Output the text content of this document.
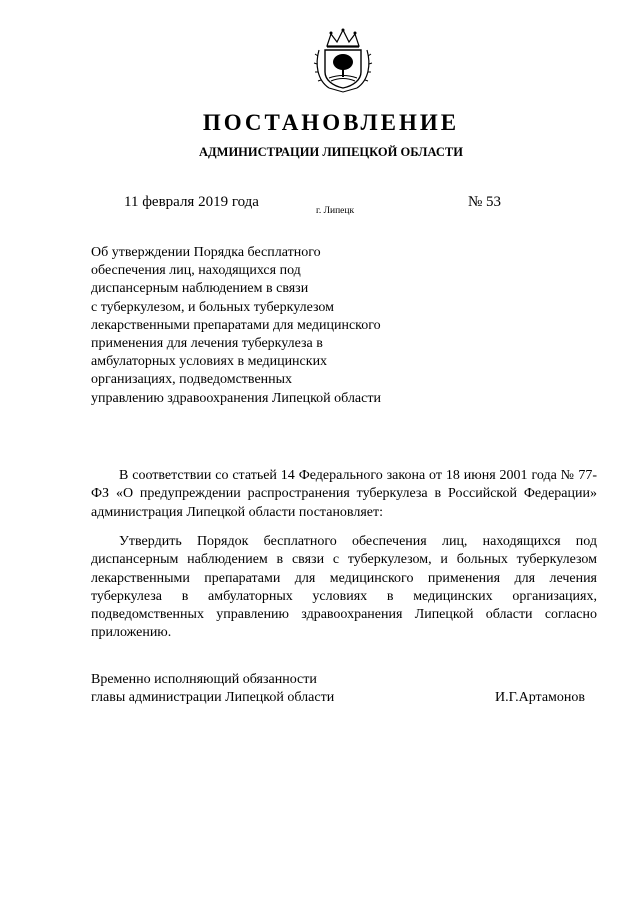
ПОСТАНОВЛЕНИЕ
АДМИНИСТРАЦИИ ЛИПЕЦКОЙ ОБЛАСТИ
11 февраля 2019 года
г. Липецк
№ 53
Об утверждении Порядка бесплатного
обеспечения лиц, находящихся под
диспансерным наблюдением в связи
с туберкулезом, и больных туберкулезом
лекарственными препаратами для медицинского
применения для лечения туберкулеза в
амбулаторных условиях в медицинских
организациях, подведомственных
управлению здравоохранения Липецкой области

В соответствии со статьей 14 Федерального закона от 18 июня 2001 года № 77-ФЗ «О предупреждении распространения туберкулеза в Российской Федерации» администрация Липецкой области постановляет:

Утвердить Порядок бесплатного обеспечения лиц, находящихся под диспансерным наблюдением в связи с туберкулезом, и больных туберкулезом лекарственными препаратами для медицинского применения для лечения туберкулеза в амбулаторных условиях в медицинских организациях, подведомственных управлению здравоохранения Липецкой области согласно приложению.

Временно исполняющий обязанности
главы администрации Липецкой области	И.Г.Артамонов
